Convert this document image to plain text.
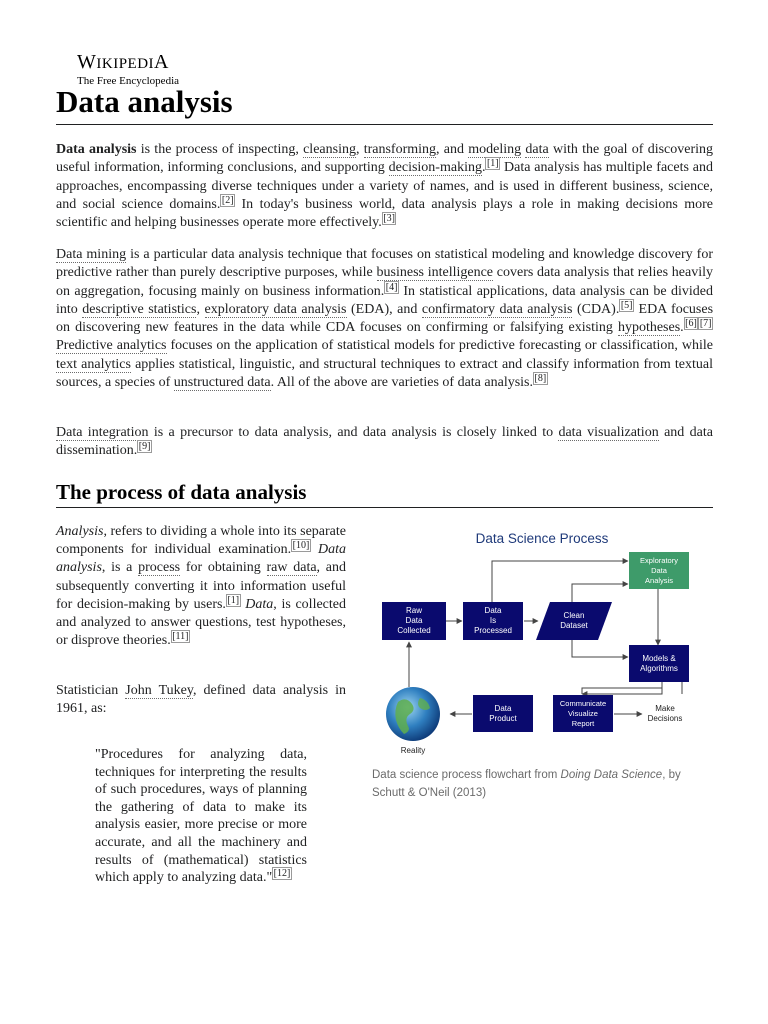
WIKIPEDIA
The Free Encyclopedia
Data analysis

Data analysis is the process of inspecting, cleansing, transforming, and modeling data with the goal of discovering useful information, informing conclusions, and supporting decision-making. [1] Data analysis has multiple facets and approaches, encompassing diverse techniques under a variety of names, and is used in different business, science, and social science domains. [2] In today's business world, data analysis plays a role in making decisions more scientific and helping businesses operate more effectively. [3]

Data mining is a particular data analysis technique that focuses on statistical modeling and knowledge discovery for predictive rather than purely descriptive purposes, while business intelligence covers data analysis that relies heavily on aggregation, focusing mainly on business information. [4] In statistical applications, data analysis can be divided into descriptive statistics, exploratory data analysis (EDA), and confirmatory data analysis (CDA). [5] EDA focuses on discovering new features in the data while CDA focuses on confirming or falsifying existing hypotheses. [6] [7] Predictive analytics focuses on the application of statistical models for predictive forecasting or classification, while text analytics applies statistical, linguistic, and structural techniques to extract and classify information from textual sources, a species of unstructured data. All of the above are varieties of data analysis. [8]

Data integration is a precursor to data analysis, and data analysis is closely linked to data visualization and data dissemination. [9]

The process of data analysis

Analysis, refers to dividing a whole into its separate components for individual examination. [10] Data analysis, is a process for obtaining raw data, and subsequently converting it into information useful for decision-making by users. [1] Data, is collected and analyzed to answer questions, test hypotheses, or disprove theories. [11]

Statistician John Tukey, defined data analysis in 1961, as:

"Procedures for analyzing data, techniques for interpreting the results of such procedures, ways of planning the gathering of data to make its analysis easier, more precise or more accurate, and all the machinery and results of (mathematical) statistics which apply to analyzing data." [12]

Data Science Process
Raw
Data
Collected
Data
Is
Processed
Clean
Dataset
Exploratory
Data
Analysis
Models &
Algorithms
Data
Product
Communicate
Visualize
Report
Make
Decisions
Reality

Data science process flowchart from Doing Data Science, by Schutt & O'Neil (2013)
